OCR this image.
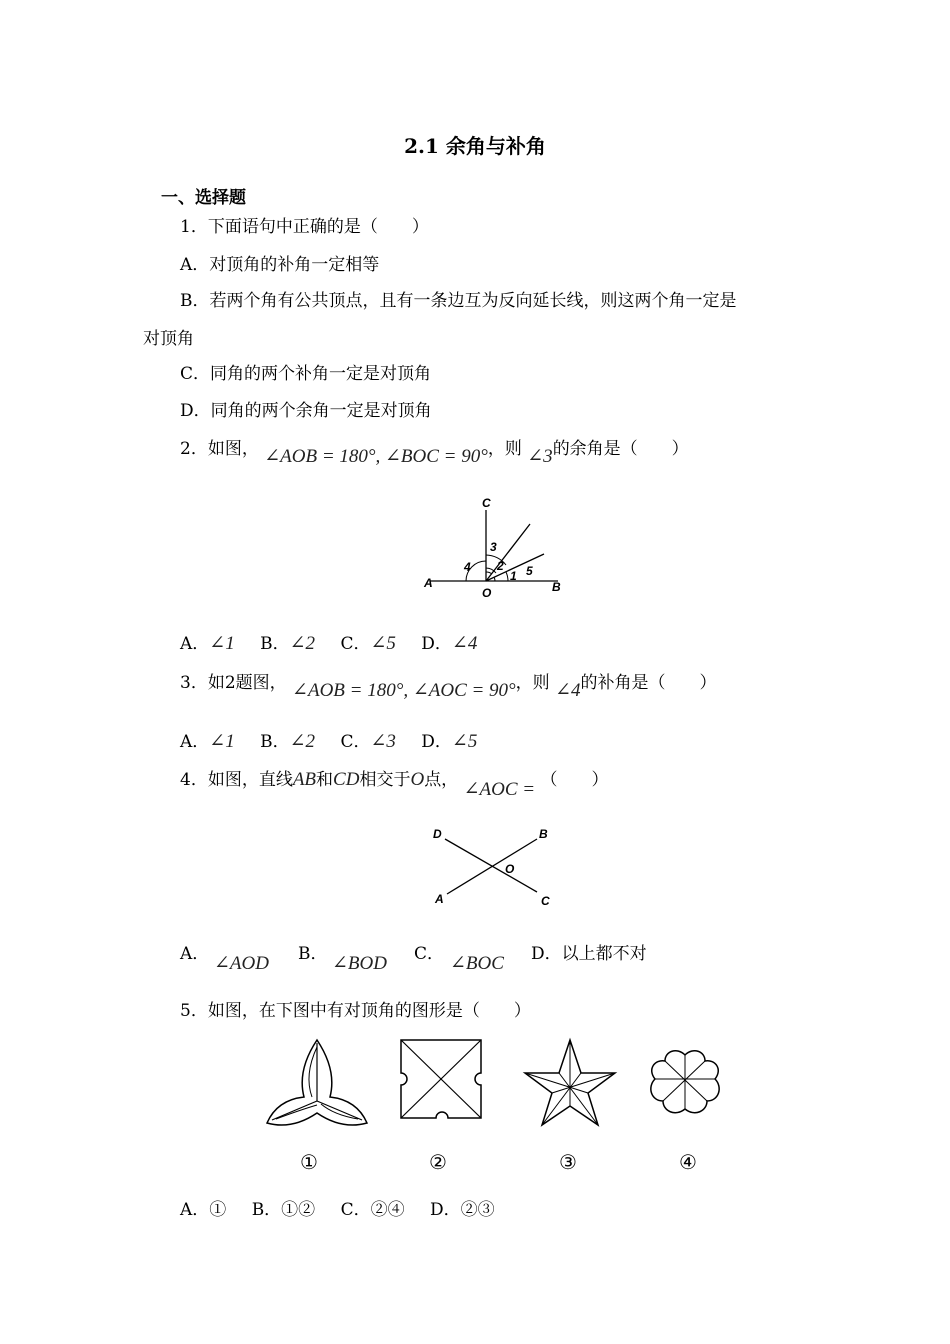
2.1 余角与补角
一、选择题
1．下面语句中正确的是（　　）
A．对顶角的补角一定相等
B．若两个角有公共顶点，且有一条边互为反向延长线，则这两个角一定是
对顶角
C．同角的两个补角一定是对顶角
D．同角的两个余角一定是对顶角
2．如图， ∠AOB = 180°, ∠BOC = 90°，则 ∠3的余角是（　　）
C
A
O	B
3
4 2
1 5
A．∠1 B．∠2 C．∠5 D．∠4
3．如2题图， ∠AOB = 180°, ∠AOC = 90°，则 ∠4的补角是（　　）
A．∠1 B．∠2 C．∠3 D．∠5
4．如图，直线AB和CD相交于O点， ∠AOC = （　　）
D	B
O
A	C
A． ∠AOD B． ∠BOD C． ∠BOC D．以上都不对
5．如图，在下图中有对顶角的图形是（　　）
①	②	③	④
A．① B．①② C．②④ D．②③
